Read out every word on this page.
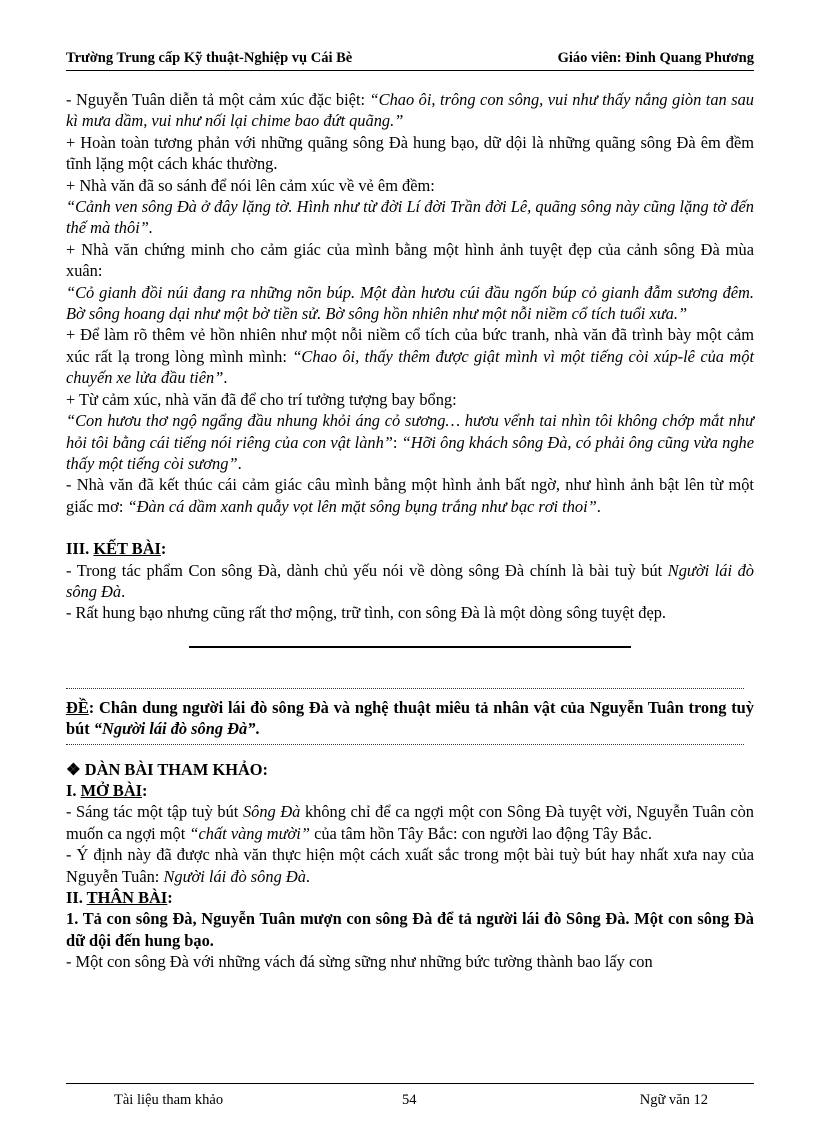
Trường Trung cấp Kỹ thuật-Nghiệp vụ Cái Bè	Giáo viên: Đinh Quang Phương

- Nguyễn Tuân diễn tả một cảm xúc đặc biệt: “Chao ôi, trông con sông, vui như thấy nắng giòn tan sau kì mưa dầm, vui như nối lại chime bao đứt quãng.”

+ Hoàn toàn tương phản với những quãng sông Đà hung bạo, dữ dội là những quãng sông Đà êm đềm tĩnh lặng một cách khác thường.

+ Nhà văn đã so sánh để nói lên cảm xúc về vẻ êm đềm:

“Cảnh ven sông Đà ở đây lặng tờ. Hình như từ đời Lí đời Trần đời Lê, quãng sông này cũng lặng tờ đến thế mà thôi”.

+ Nhà văn chứng minh cho cảm giác của mình bằng một hình ảnh tuyệt đẹp của cảnh sông Đà mùa xuân:

“Cỏ gianh đồi núi đang ra những nõn búp. Một đàn hươu cúi đầu ngốn búp cỏ gianh đẫm sương đêm. Bờ sông hoang dại như một bờ tiền sử. Bờ sông hồn nhiên như một nỗi niềm cổ tích tuổi xưa.”

+ Để làm rõ thêm vẻ hồn nhiên như một nỗi niềm cổ tích của bức tranh, nhà văn đã trình bày một cảm xúc rất lạ trong lòng mình mình: “Chao ôi, thấy thêm được giật mình vì một tiếng còi xúp-lê của một chuyến xe lửa đầu tiên”.

+ Từ cảm xúc, nhà văn đã để cho trí tưởng tượng bay bổng:

“Con hươu thơ ngộ ngẩng đầu nhung khỏi áng cỏ sương… hươu vểnh tai nhìn tôi không chớp mắt như hỏi tôi bằng cái tiếng nói riêng của con vật lành”: “Hỡi ông khách sông Đà, có phải ông cũng vừa nghe thấy một tiếng còi sương”.

- Nhà văn đã kết thúc cái cảm giác câu mình bằng một hình ảnh bất ngờ, như hình ảnh bật lên từ một giấc mơ: “Đàn cá dầm xanh quẫy vọt lên mặt sông bụng trắng như bạc rơi thoi”.

III. KẾT BÀI:

- Trong tác phẩm Con sông Đà, dành chủ yếu nói về dòng sông Đà chính là bài tuỳ bút Người lái đò sông Đà.

- Rất hung bạo nhưng cũng rất thơ mộng, trữ tình, con sông Đà là một dòng sông tuyệt đẹp.

ĐỀ: Chân dung người lái đò sông Đà và nghệ thuật miêu tả nhân vật của Nguyễn Tuân trong tuỳ bút “Người lái đò sông Đà”.

❖ DÀN BÀI THAM KHẢO:

I. MỞ BÀI:

- Sáng tác một tập tuỳ bút Sông Đà không chỉ để ca ngợi một con Sông Đà tuyệt vời, Nguyễn Tuân còn muốn ca ngợi một “chất vàng mười” của tâm hồn Tây Bắc: con người lao động Tây Bắc.

- Ý định này đã được nhà văn thực hiện một cách xuất sắc trong một bài tuỳ bút hay nhất xưa nay của Nguyễn Tuân: Người lái đò sông Đà.

II. THÂN BÀI:

1. Tả con sông Đà, Nguyễn Tuân mượn con sông Đà để tả người lái đò Sông Đà. Một con sông Đà dữ dội đến hung bạo.

- Một con sông Đà với những vách đá sừng sững như những bức tường thành bao lấy con

Tài liệu tham khảo	54	Ngữ văn 12
